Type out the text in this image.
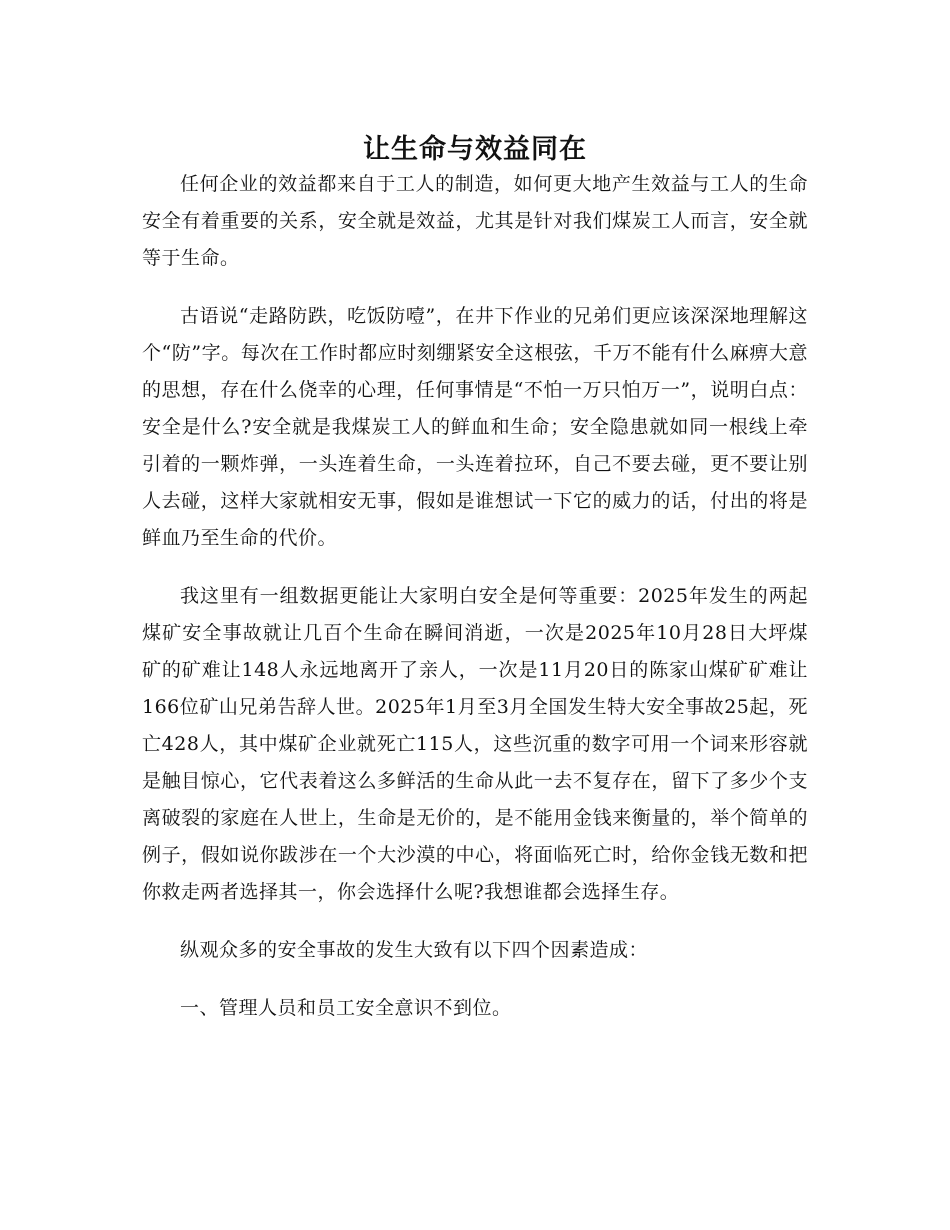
让生命与效益同在

任何企业的效益都来自于工人的制造，如何更大地产生效益与工人的生命安全有着重要的关系，安全就是效益，尤其是针对我们煤炭工人而言，安全就等于生命。

古语说“走路防跌，吃饭防噎”，在井下作业的兄弟们更应该深深地理解这个“防”字。每次在工作时都应时刻绷紧安全这根弦，千万不能有什么麻痹大意的思想，存在什么侥幸的心理，任何事情是“不怕一万只怕万一”，说明白点：安全是什么?安全就是我煤炭工人的鲜血和生命；安全隐患就如同一根线上牵引着的一颗炸弹，一头连着生命，一头连着拉环，自己不要去碰，更不要让别人去碰，这样大家就相安无事，假如是谁想试一下它的威力的话，付出的将是鲜血乃至生命的代价。

我这里有一组数据更能让大家明白安全是何等重要：2025年发生的两起煤矿安全事故就让几百个生命在瞬间消逝，一次是2025年10月28日大坪煤矿的矿难让148人永远地离开了亲人，一次是11月20日的陈家山煤矿矿难让166位矿山兄弟告辞人世。2025年1月至3月全国发生特大安全事故25起，死亡428人，其中煤矿企业就死亡115人，这些沉重的数字可用一个词来形容就是触目惊心，它代表着这么多鲜活的生命从此一去不复存在，留下了多少个支离破裂的家庭在人世上，生命是无价的，是不能用金钱来衡量的，举个简单的例子，假如说你跋涉在一个大沙漠的中心，将面临死亡时，给你金钱无数和把你救走两者选择其一，你会选择什么呢?我想谁都会选择生存。

纵观众多的安全事故的发生大致有以下四个因素造成：

一、管理人员和员工安全意识不到位。
